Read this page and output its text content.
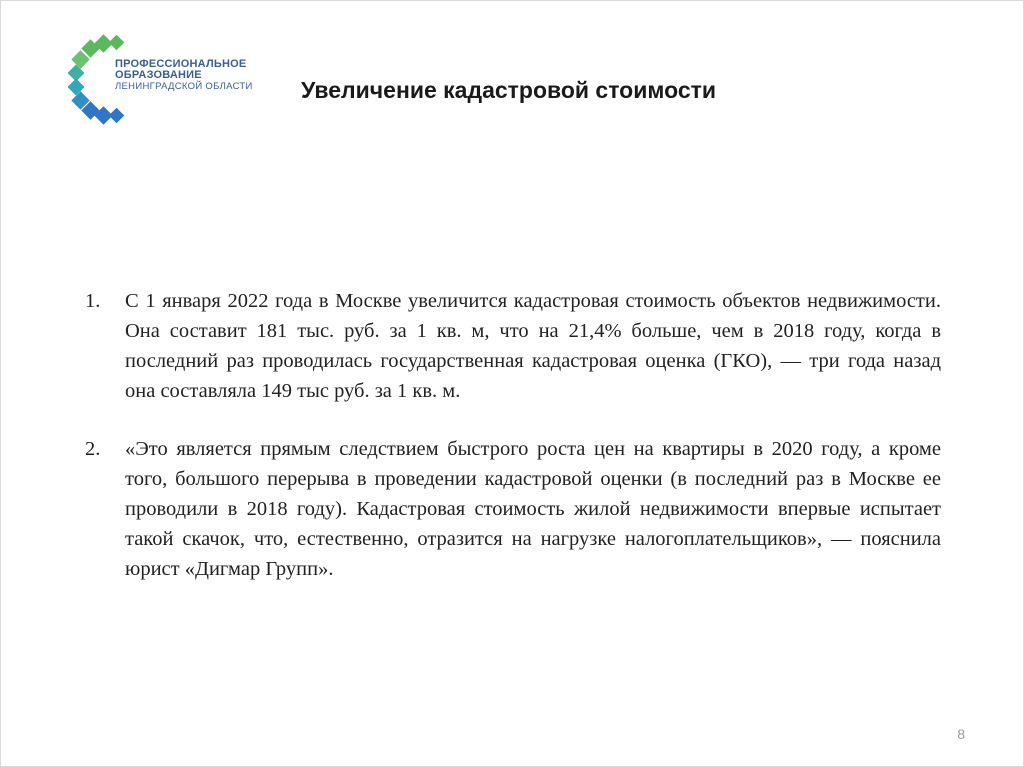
ПРОФЕССИОНАЛЬНОЕ
ОБРАЗОВАНИЕ
ЛЕНИНГРАДСКОЙ ОБЛАСТИ Увеличение кадастровой стоимости
1.	С 1 января 2022 года в Москве увеличится кадастровая стоимость объектов недвижимости. Она составит 181 тыс. руб. за 1 кв. м, что на 21,4% больше, чем в 2018 году, когда в последний раз проводилась государственная кадастровая оценка (ГКО), — три года назад она составляла 149 тыс руб. за 1 кв. м.
2.	«Это является прямым следствием быстрого роста цен на квартиры в 2020 году, а кроме того, большого перерыва в проведении кадастровой оценки (в последний раз в Москве ее проводили в 2018 году). Кадастровая стоимость жилой недвижимости впервые испытает такой скачок, что, естественно, отразится на нагрузке налогоплательщиков», — пояснила юрист «Дигмар Групп».
8
